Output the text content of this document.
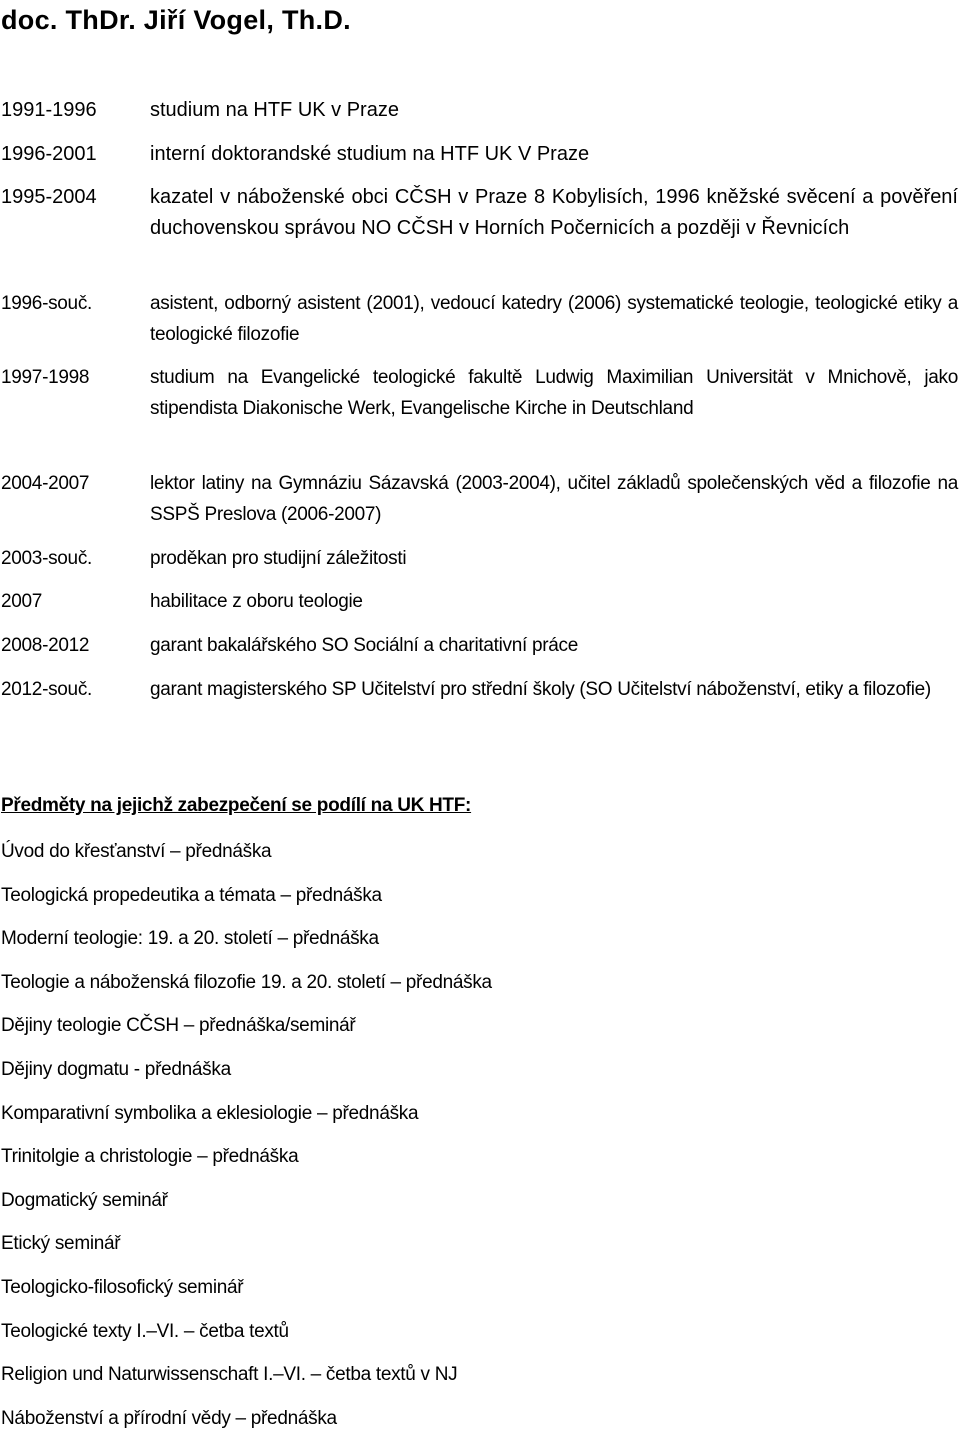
doc. ThDr. Jiří Vogel, Th.D.
1991-1996	studium na HTF UK v Praze
1996-2001	interní doktorandské studium na HTF UK V Praze
1995-2004	kazatel v náboženské obci CČSH v Praze 8 Kobylisích, 1996 kněžské svěcení a pověření duchovenskou správou NO CČSH v Horních Počernicích a později v Řevnicích
1996-souč.	asistent, odborný asistent (2001), vedoucí katedry (2006) systematické teologie, teologické etiky a teologické filozofie
1997-1998	studium na Evangelické teologické fakultě Ludwig Maximilian Universität v Mnichově, jako stipendista Diakonische Werk, Evangelische Kirche in Deutschland
2004-2007	lektor latiny na Gymnáziu Sázavská (2003-2004), učitel základů společenských věd a filozofie na SSPŠ Preslova (2006-2007)
2003-souč.	proděkan pro studijní záležitosti
2007	habilitace z oboru teologie
2008-2012	garant bakalářského SO Sociální a charitativní práce
2012-souč.	garant magisterského SP Učitelství pro střední školy (SO Učitelství náboženství, etiky a filozofie)
Předměty na jejichž zabezpečení se podílí na UK HTF:
Úvod do křesťanství – přednáška
Teologická propedeutika a témata – přednáška
Moderní teologie: 19. a 20. století – přednáška
Teologie a náboženská filozofie 19. a 20. století – přednáška
Dějiny teologie CČSH – přednáška/seminář
Dějiny dogmatu - přednáška
Komparativní symbolika a eklesiologie – přednáška
Trinitolgie a christologie – přednáška
Dogmatický seminář
Etický seminář
Teologicko-filosofický seminář
Teologické texty I.–VI. – četba textů
Religion und Naturwissenschaft I.–VI. – četba textů v NJ
Náboženství a přírodní vědy – přednáška
